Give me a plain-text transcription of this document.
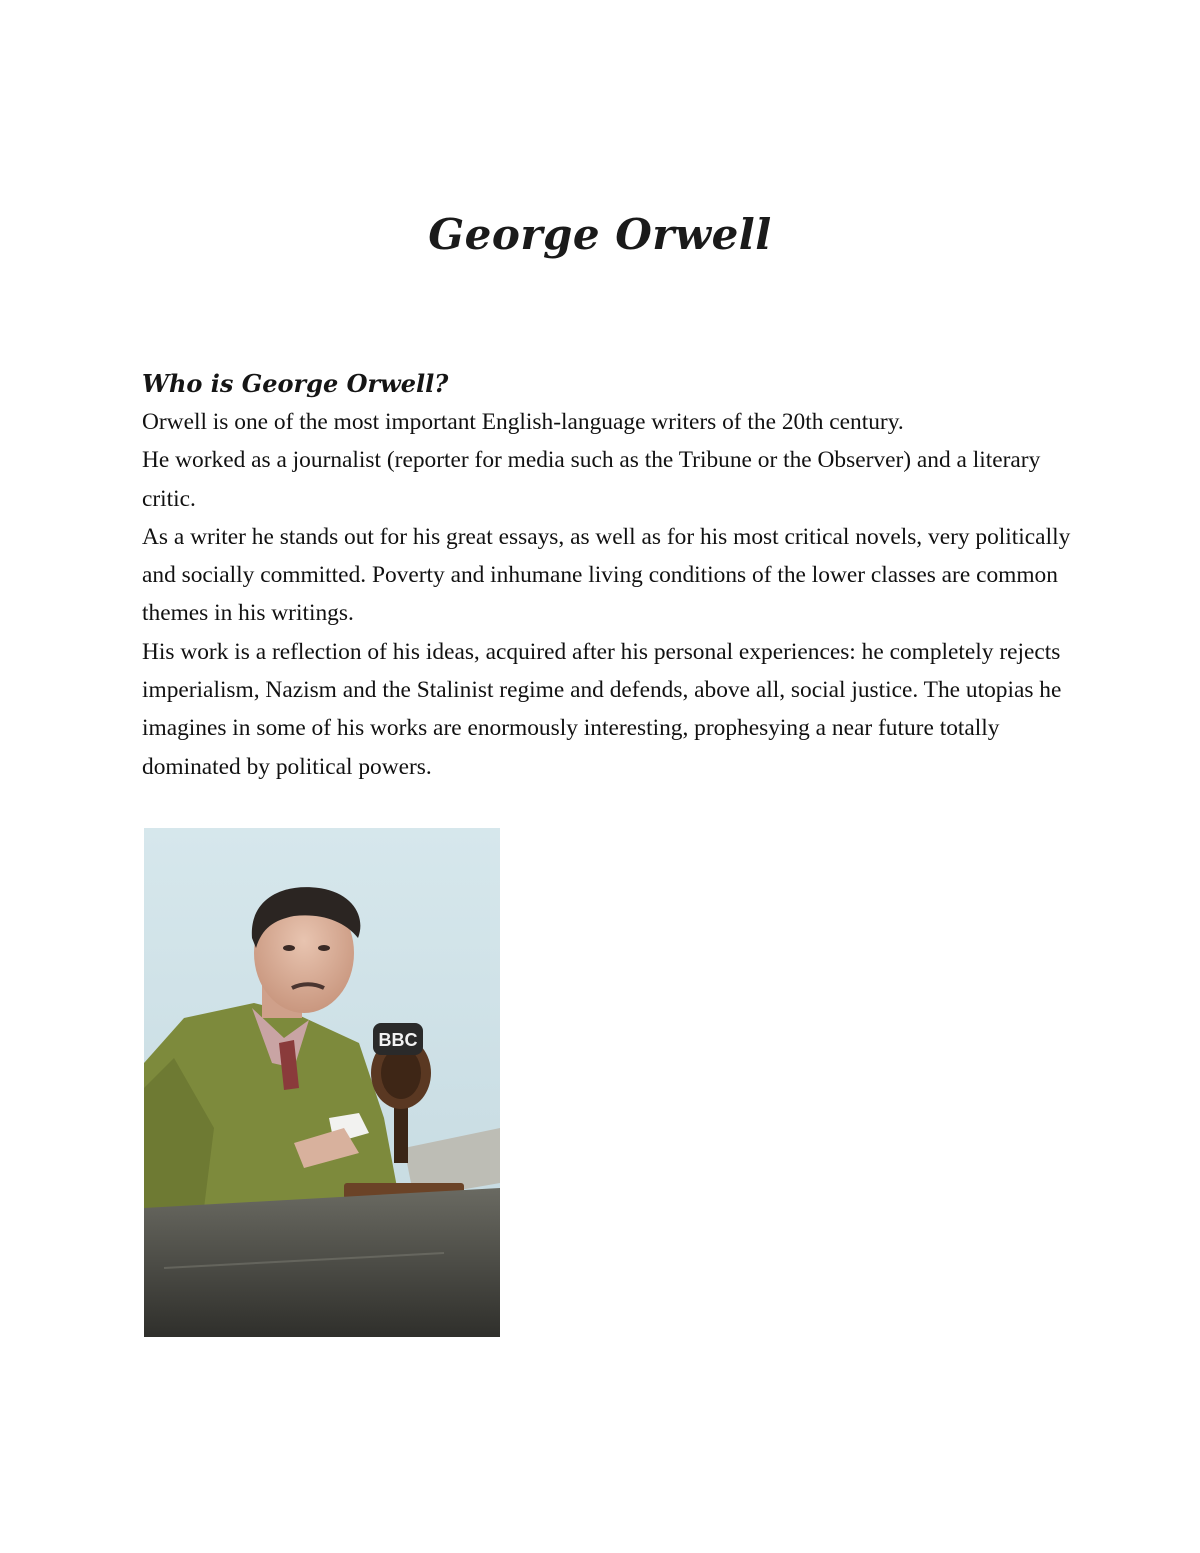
George Orwell
Who is George Orwell?

Orwell is one of the most important English-language writers of the 20th century.

He worked as a journalist (reporter for media such as the Tribune or the Observer) and a literary critic.

As a writer he stands out for his great essays, as well as for his most critical novels, very politically and socially committed. Poverty and inhumane living conditions of the lower classes are common themes in his writings.

His work is a reflection of his ideas, acquired after his personal experiences: he completely rejects imperialism, Nazism and the Stalinist regime and defends, above all, social justice. The utopias he imagines in some of his works are enormously interesting, prophesying a near future totally dominated by political powers.

BBC
